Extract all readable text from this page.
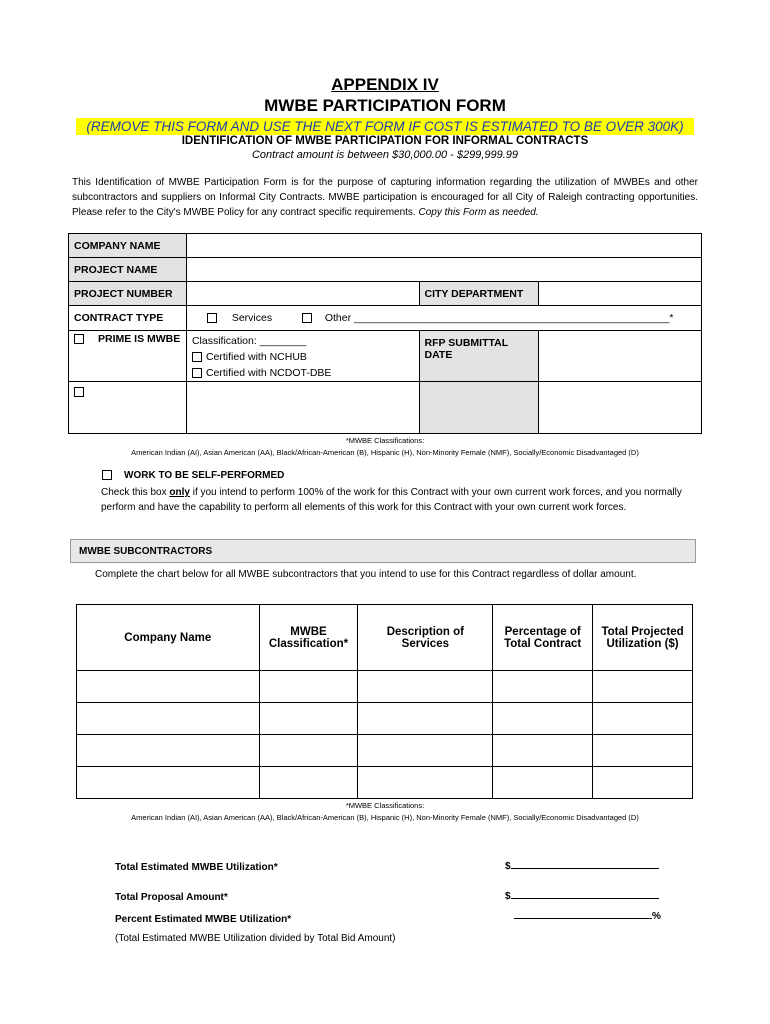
APPENDIX IV
MWBE PARTICIPATION FORM
(REMOVE THIS FORM AND USE THE NEXT FORM IF COST IS ESTIMATED TO BE OVER 300K)
IDENTIFICATION OF MWBE PARTICIPATION FOR INFORMAL CONTRACTS
Contract amount is between $30,000.00 - $299,999.99
This Identification of MWBE Participation Form is for the purpose of capturing information regarding the utilization of MWBEs and other subcontractors and suppliers on Informal City Contracts. MWBE participation is encouraged for all City of Raleigh contracting opportunities. Please refer to the City's MWBE Policy for any contract specific requirements. Copy this Form as needed.
COMPANY NAME			
PROJECT NAME			
PROJECT NUMBER		CITY DEPARTMENT	
CONTRACT TYPE	Services Other ______________________________________________________*		
PRIME IS MWBE	Classification: ________
Certified with NCHUB
Certified with NCDOT-DBE	RFP SUBMITTAL DATE	

*MWBE Classifications:
American Indian (AI), Asian American (AA), Black/African-American (B), Hispanic (H), Non-Minority Female (NMF), Socially/Economic Disadvantaged (D)
WORK TO BE SELF-PERFORMED
Check this box only if you intend to perform 100% of the work for this Contract with your own current work forces, and you normally perform and have the capability to perform all elements of this work for this Contract with your own current work forces.
MWBE SUBCONTRACTORS
Complete the chart below for all MWBE subcontractors that you intend to use for this Contract regardless of dollar amount.
Company Name	MWBE Classification*	Description of Services	Percentage of Total Contract	Total Projected Utilization ($)

*MWBE Classifications:
American Indian (AI), Asian American (AA), Black/African-American (B), Hispanic (H), Non-Minority Female (NMF), Socially/Economic Disadvantaged (D)
Total Estimated MWBE Utilization*	$
Total Proposal Amount*	$
Percent Estimated MWBE Utilization*	%
(Total Estimated MWBE Utilization divided by Total Bid Amount)
